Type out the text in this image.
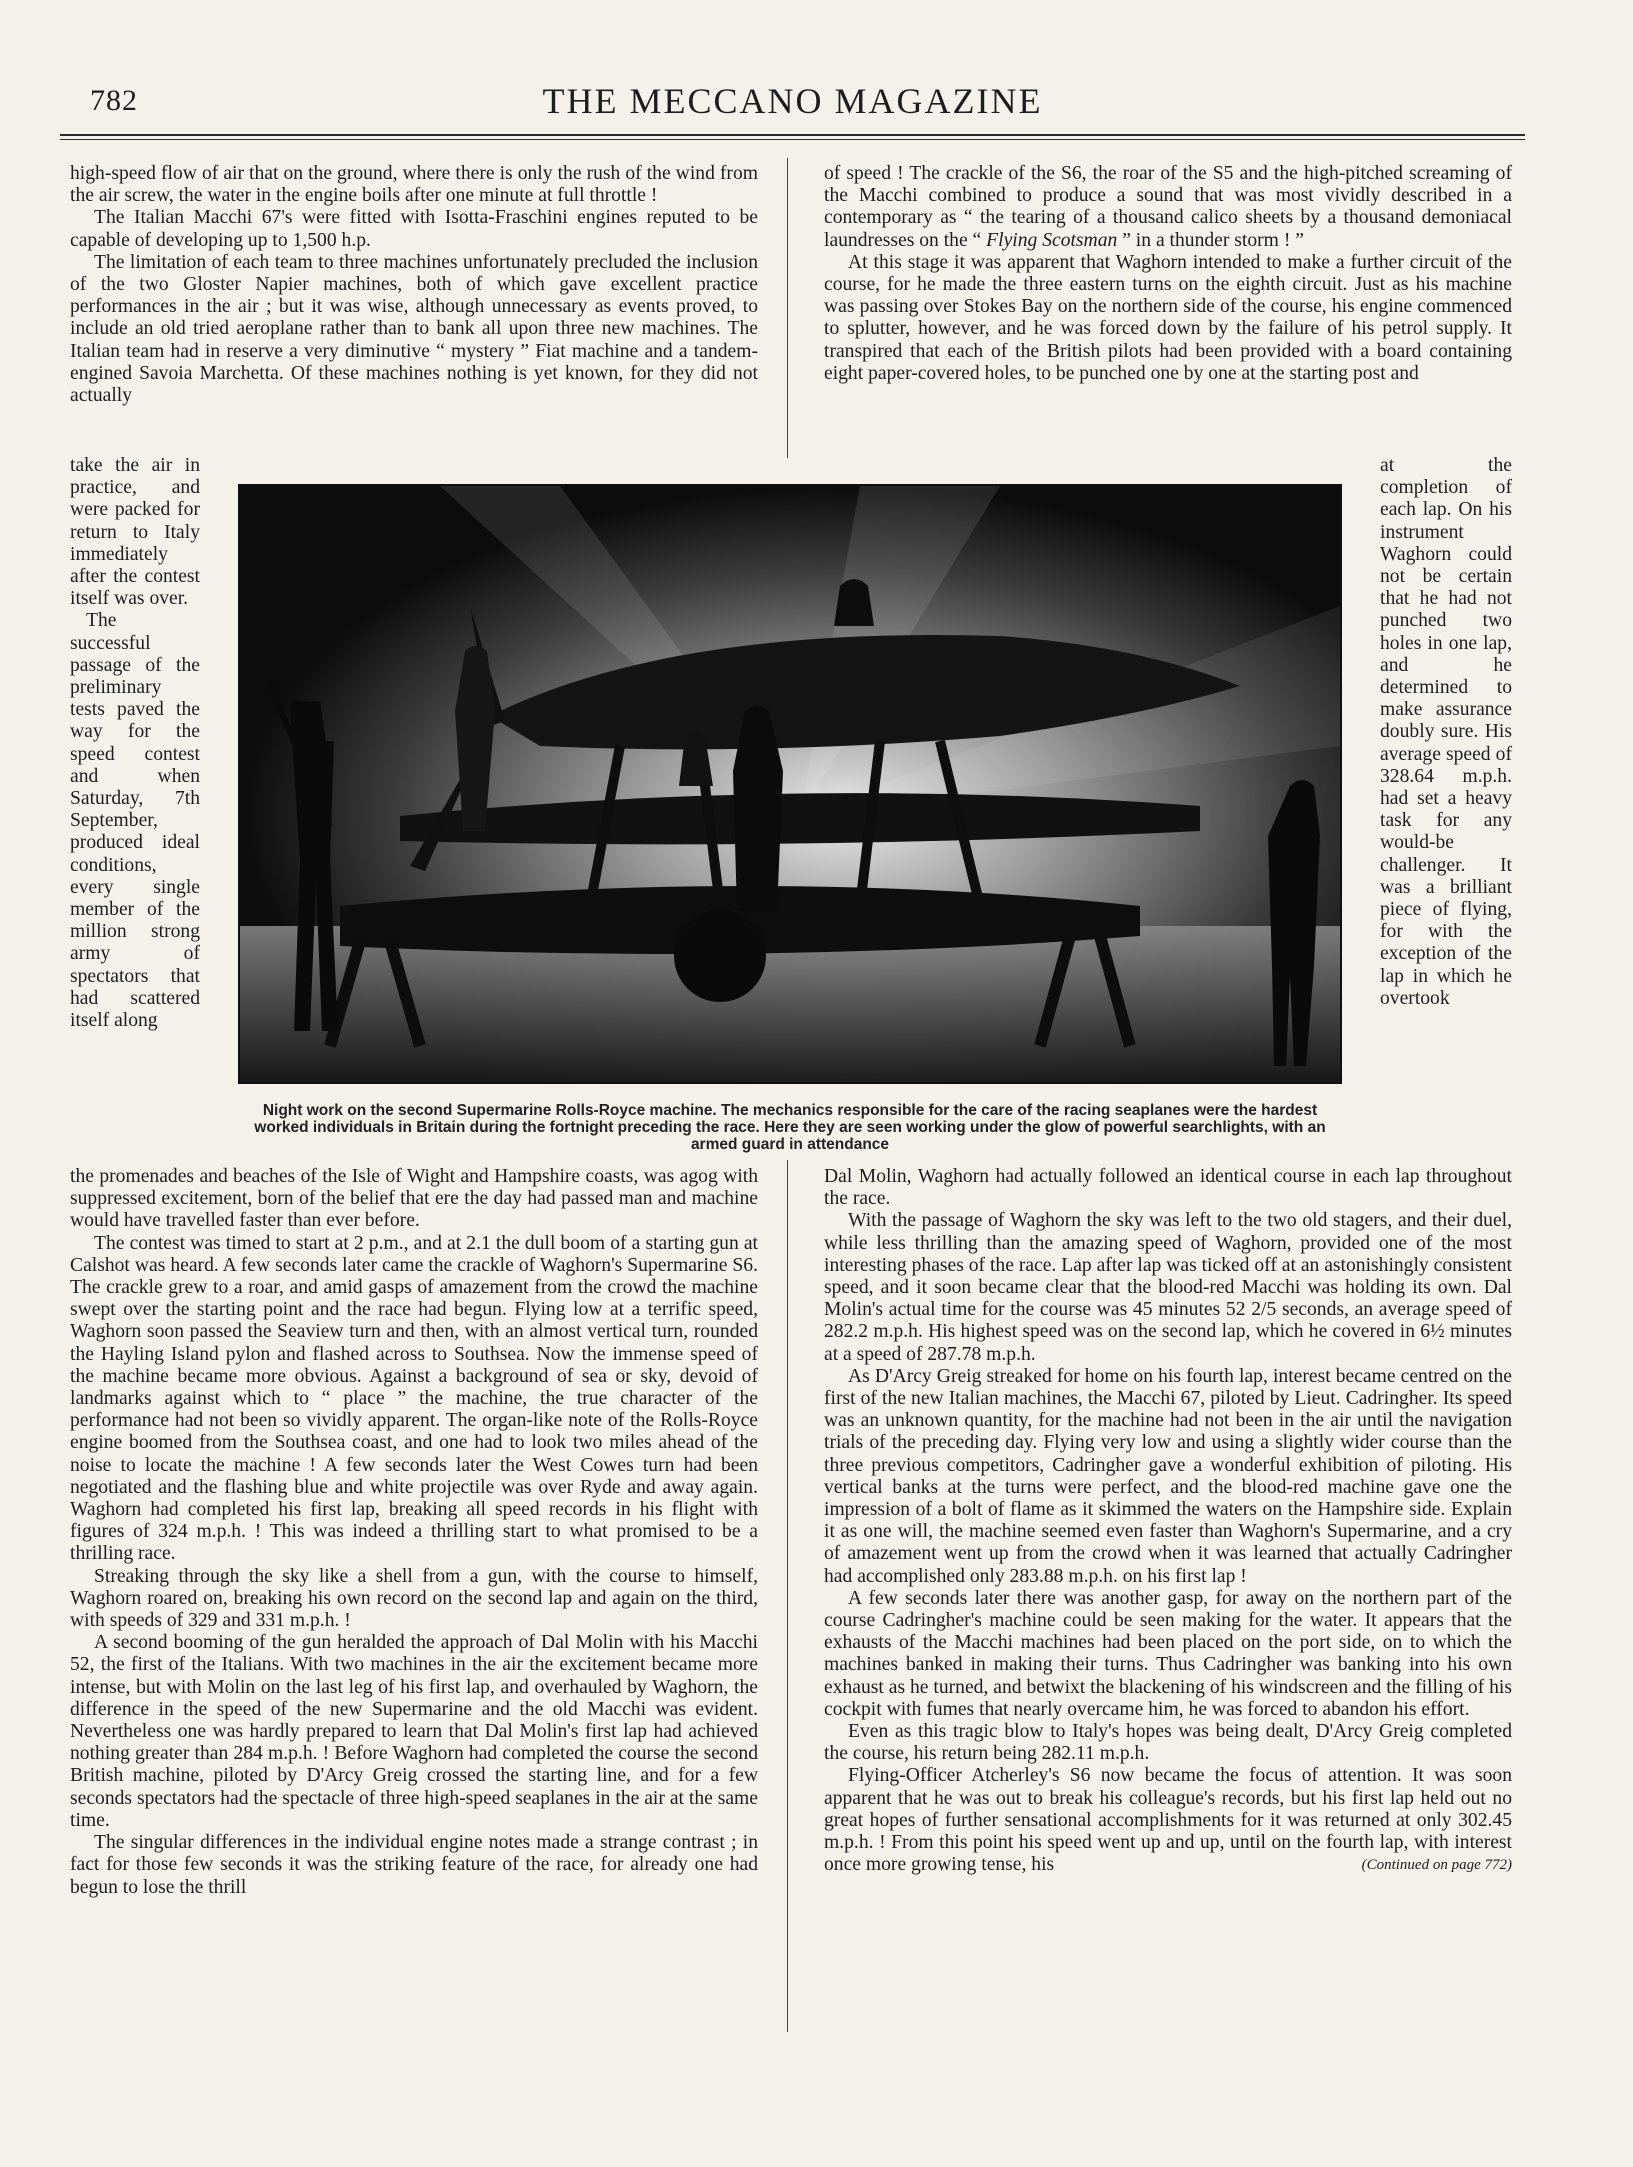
782	THE MECCANO MAGAZINE

high-speed flow of air that on the ground, where there is only the rush of the wind from the air screw, the water in the engine boils after one minute at full throttle !

The Italian Macchi 67's were fitted with Isotta-Fraschini engines reputed to be capable of developing up to 1,500 h.p.

The limitation of each team to three machines unfortunately precluded the inclusion of the two Gloster Napier machines, both of which gave excellent practice performances in the air ; but it was wise, although unnecessary as events proved, to include an old tried aeroplane rather than to bank all upon three new machines. The Italian team had in reserve a very diminutive “ mystery ” Fiat machine and a tandem-engined Savoia Marchetta. Of these machines nothing is yet known, for they did not actually

of speed ! The crackle of the S6, the roar of the S5 and the high-pitched screaming of the Macchi combined to produce a sound that was most vividly described in a contemporary as “ the tearing of a thousand calico sheets by a thousand demoniacal laundresses on the “ Flying Scotsman ” in a thunder storm ! ”

At this stage it was apparent that Waghorn intended to make a further circuit of the course, for he made the three eastern turns on the eighth circuit. Just as his machine was passing over Stokes Bay on the northern side of the course, his engine commenced to splutter, however, and he was forced down by the failure of his petrol supply. It transpired that each of the British pilots had been provided with a board containing eight paper-covered holes, to be punched one by one at the starting post and

take the air in practice, and were packed for return to Italy immediately after the contest itself was over.

The successful passage of the preliminary tests paved the way for the speed contest and when Saturday, 7th September, produced ideal conditions, every single member of the million strong army of spectators that had scattered itself along

at the completion of each lap. On his instrument Waghorn could not be certain that he had not punched two holes in one lap, and he determined to make assurance doubly sure. His average speed of 328.64 m.p.h. had set a heavy task for any would-be challenger. It was a brilliant piece of flying, for with the exception of the lap in which he overtook

Night work on the second Supermarine Rolls-Royce machine. The mechanics responsible for the care of the racing seaplanes were the hardest worked individuals in Britain during the fortnight preceding the race. Here they are seen working under the glow of powerful searchlights, with an armed guard in attendance

the promenades and beaches of the Isle of Wight and Hampshire coasts, was agog with suppressed excitement, born of the belief that ere the day had passed man and machine would have travelled faster than ever before.

The contest was timed to start at 2 p.m., and at 2.1 the dull boom of a starting gun at Calshot was heard. A few seconds later came the crackle of Waghorn's Supermarine S6. The crackle grew to a roar, and amid gasps of amazement from the crowd the machine swept over the starting point and the race had begun. Flying low at a terrific speed, Waghorn soon passed the Seaview turn and then, with an almost vertical turn, rounded the Hayling Island pylon and flashed across to Southsea. Now the immense speed of the machine became more obvious. Against a background of sea or sky, devoid of landmarks against which to “ place ” the machine, the true character of the performance had not been so vividly apparent. The organ-like note of the Rolls-Royce engine boomed from the Southsea coast, and one had to look two miles ahead of the noise to locate the machine ! A few seconds later the West Cowes turn had been negotiated and the flashing blue and white projectile was over Ryde and away again. Waghorn had completed his first lap, breaking all speed records in his flight with figures of 324 m.p.h. ! This was indeed a thrilling start to what promised to be a thrilling race.

Streaking through the sky like a shell from a gun, with the course to himself, Waghorn roared on, breaking his own record on the second lap and again on the third, with speeds of 329 and 331 m.p.h. !

A second booming of the gun heralded the approach of Dal Molin with his Macchi 52, the first of the Italians. With two machines in the air the excitement became more intense, but with Molin on the last leg of his first lap, and overhauled by Waghorn, the difference in the speed of the new Supermarine and the old Macchi was evident. Nevertheless one was hardly prepared to learn that Dal Molin's first lap had achieved nothing greater than 284 m.p.h. ! Before Waghorn had completed the course the second British machine, piloted by D'Arcy Greig crossed the starting line, and for a few seconds spectators had the spectacle of three high-speed seaplanes in the air at the same time.

The singular differences in the individual engine notes made a strange contrast ; in fact for those few seconds it was the striking feature of the race, for already one had begun to lose the thrill

Dal Molin, Waghorn had actually followed an identical course in each lap throughout the race.

With the passage of Waghorn the sky was left to the two old stagers, and their duel, while less thrilling than the amazing speed of Waghorn, provided one of the most interesting phases of the race. Lap after lap was ticked off at an astonishingly consistent speed, and it soon became clear that the blood-red Macchi was holding its own. Dal Molin's actual time for the course was 45 minutes 52 2/5 seconds, an average speed of 282.2 m.p.h. His highest speed was on the second lap, which he covered in 6½ minutes at a speed of 287.78 m.p.h.

As D'Arcy Greig streaked for home on his fourth lap, interest became centred on the first of the new Italian machines, the Macchi 67, piloted by Lieut. Cadringher. Its speed was an unknown quantity, for the machine had not been in the air until the navigation trials of the preceding day. Flying very low and using a slightly wider course than the three previous competitors, Cadringher gave a wonderful exhibition of piloting. His vertical banks at the turns were perfect, and the blood-red machine gave one the impression of a bolt of flame as it skimmed the waters on the Hampshire side. Explain it as one will, the machine seemed even faster than Waghorn's Supermarine, and a cry of amazement went up from the crowd when it was learned that actually Cadringher had accomplished only 283.88 m.p.h. on his first lap !

A few seconds later there was another gasp, for away on the northern part of the course Cadringher's machine could be seen making for the water. It appears that the exhausts of the Macchi machines had been placed on the port side, on to which the machines banked in making their turns. Thus Cadringher was banking into his own exhaust as he turned, and betwixt the blackening of his windscreen and the filling of his cockpit with fumes that nearly overcame him, he was forced to abandon his effort.

Even as this tragic blow to Italy's hopes was being dealt, D'Arcy Greig completed the course, his return being 282.11 m.p.h.

Flying-Officer Atcherley's S6 now became the focus of attention. It was soon apparent that he was out to break his colleague's records, but his first lap held out no great hopes of further sensational accomplishments for it was returned at only 302.45 m.p.h. ! From this point his speed went up and up, until on the fourth lap, with interest once more growing tense, his	(Continued on page 772)
